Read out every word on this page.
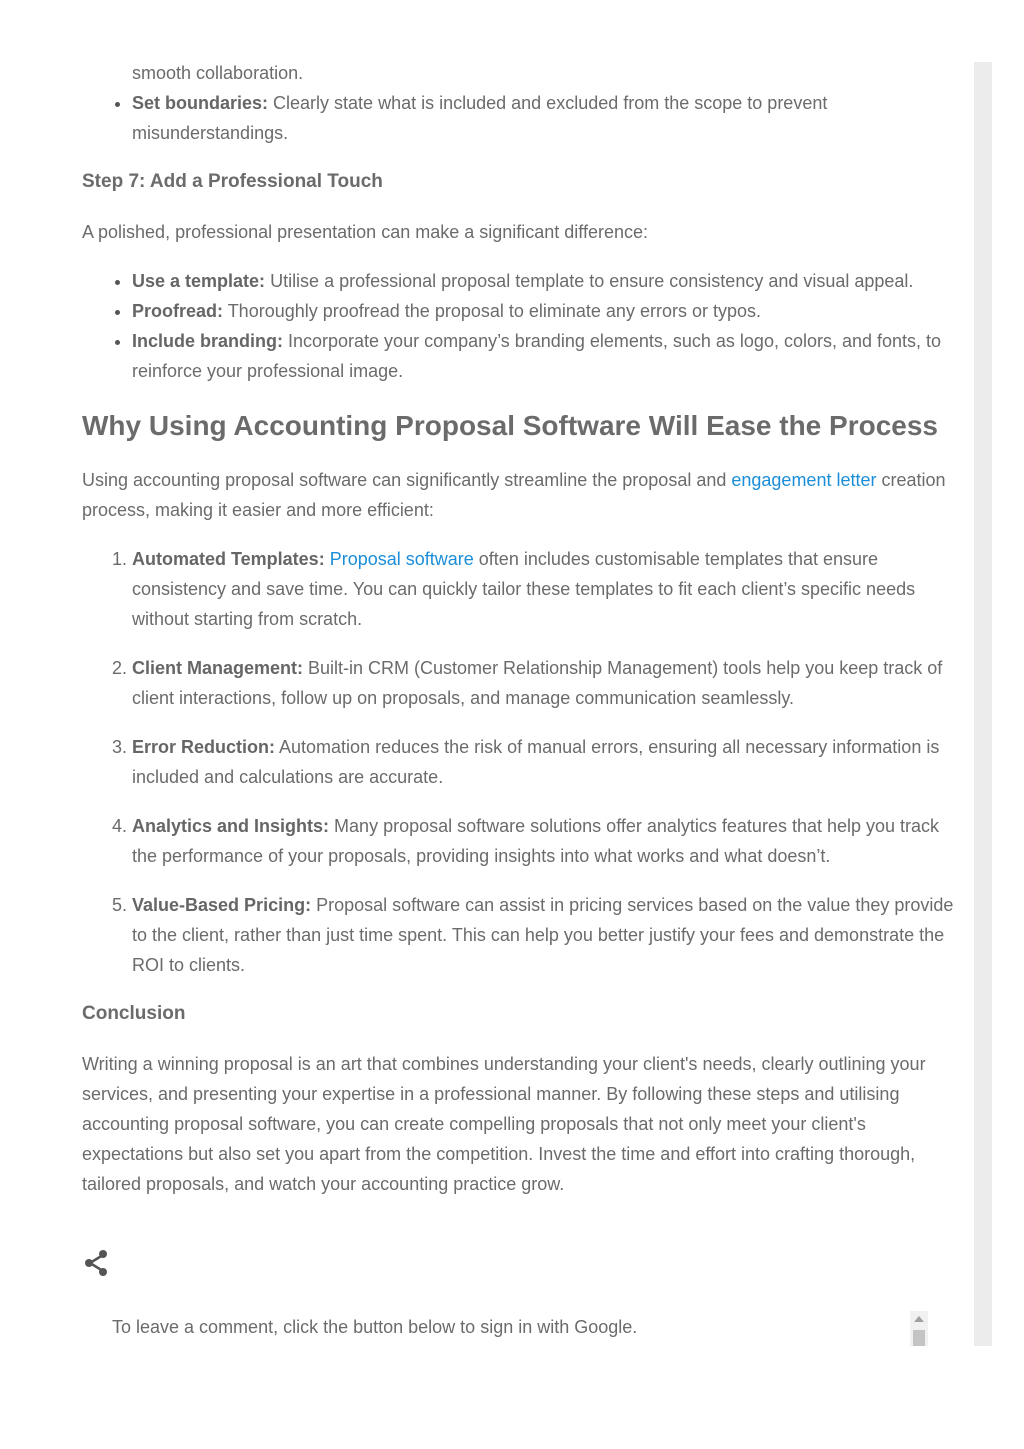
smooth collaboration.
• Set boundaries: Clearly state what is included and excluded from the scope to prevent misunderstandings.
Step 7: Add a Professional Touch

A polished, professional presentation can make a significant difference:

• Use a template: Utilise a professional proposal template to ensure consistency and visual appeal.
• Proofread: Thoroughly proofread the proposal to eliminate any errors or typos.
• Include branding: Incorporate your company’s branding elements, such as logo, colors, and fonts, to reinforce your professional image.
Why Using Accounting Proposal Software Will Ease the Process

Using accounting proposal software can significantly streamline the proposal and engagement letter creation process, making it easier and more efficient:

1. Automated Templates: Proposal software often includes customisable templates that ensure consistency and save time. You can quickly tailor these templates to fit each client’s specific needs without starting from scratch.
2. Client Management: Built-in CRM (Customer Relationship Management) tools help you keep track of client interactions, follow up on proposals, and manage communication seamlessly.
3. Error Reduction: Automation reduces the risk of manual errors, ensuring all necessary information is included and calculations are accurate.
4. Analytics and Insights: Many proposal software solutions offer analytics features that help you track the performance of your proposals, providing insights into what works and what doesn’t.
5. Value-Based Pricing: Proposal software can assist in pricing services based on the value they provide to the client, rather than just time spent. This can help you better justify your fees and demonstrate the ROI to clients.
Conclusion

Writing a winning proposal is an art that combines understanding your client's needs, clearly outlining your services, and presenting your expertise in a professional manner. By following these steps and utilising accounting proposal software, you can create compelling proposals that not only meet your client's expectations but also set you apart from the competition. Invest the time and effort into crafting thorough, tailored proposals, and watch your accounting practice grow.

To leave a comment, click the button below to sign in with Google.
